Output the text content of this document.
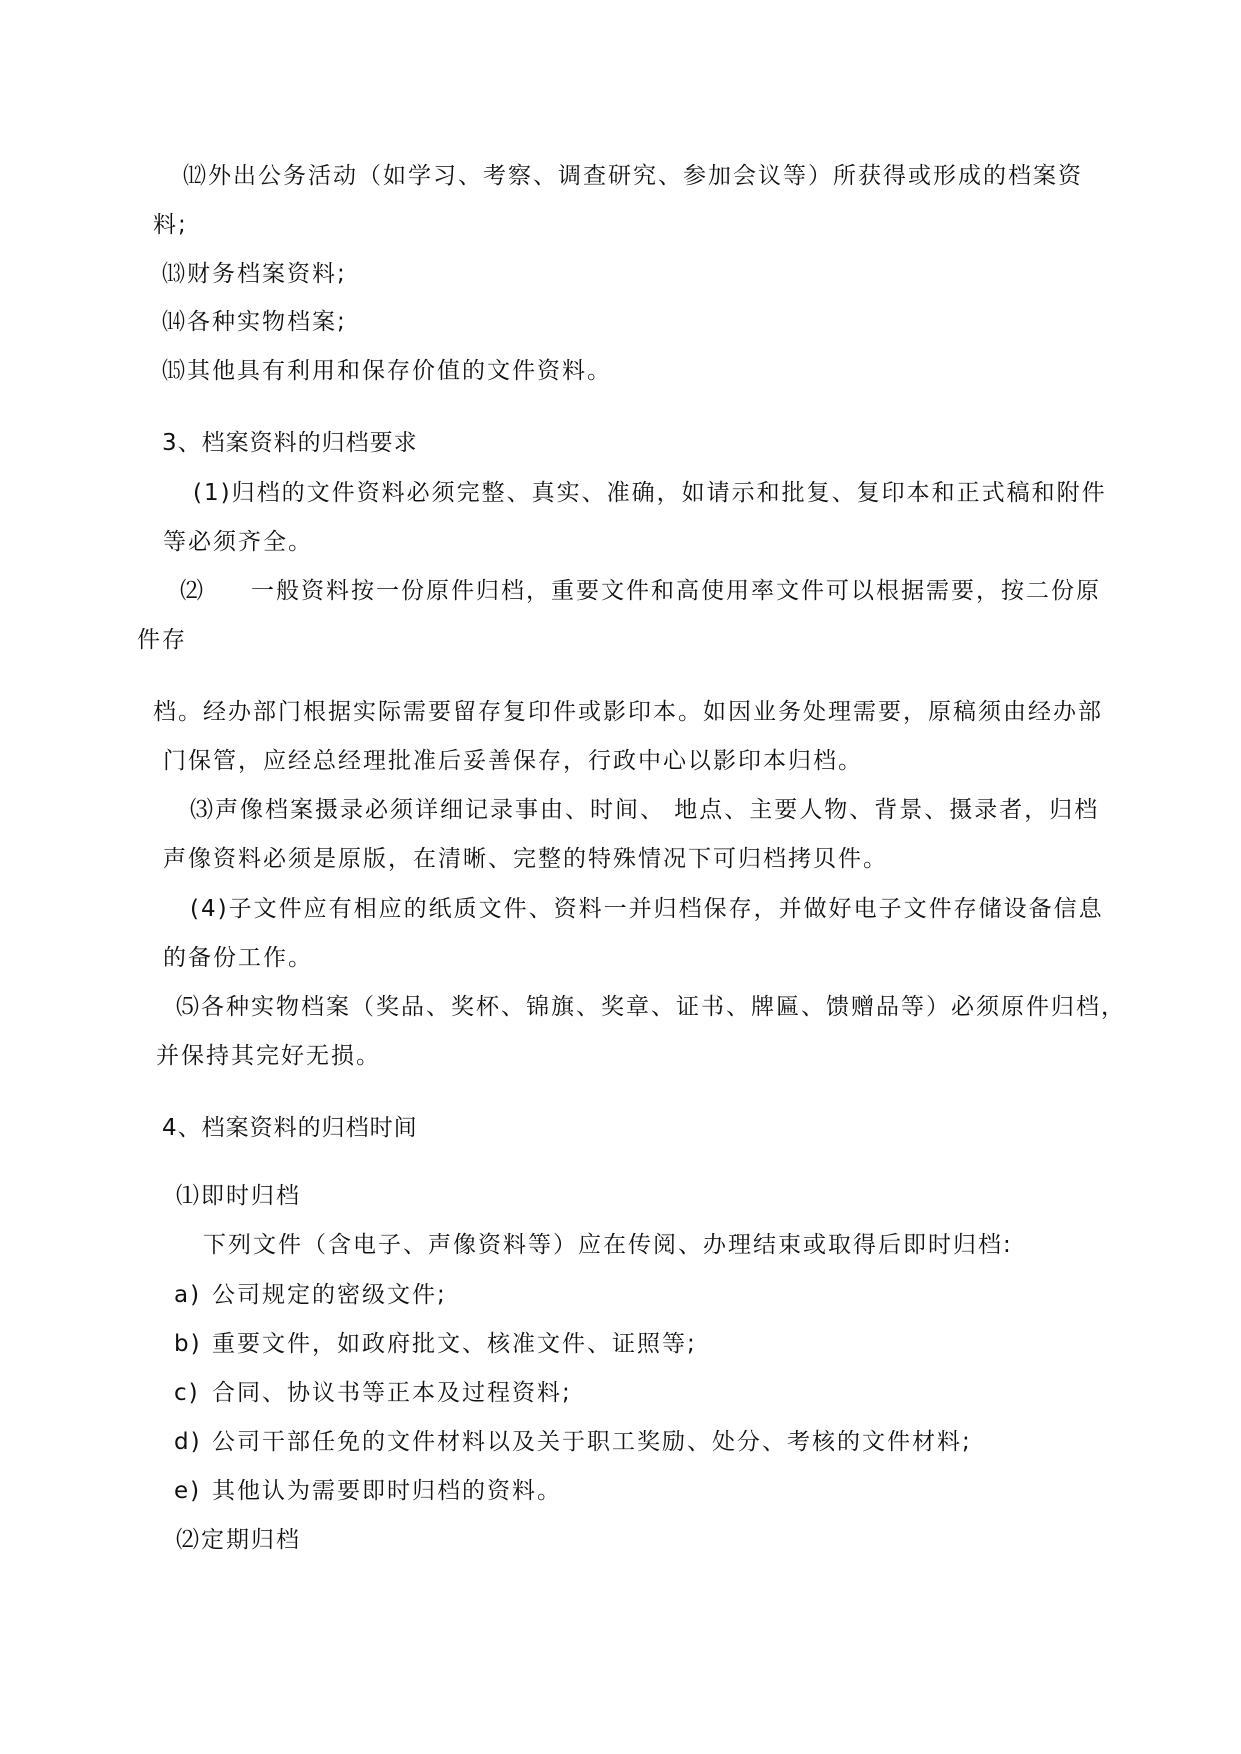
⑿外出公务活动（如学习、考察、调查研究、参加会议等）所获得或形成的档案资
料;
⒀财务档案资料;
⒁各种实物档案;
⒂其他具有利用和保存价值的文件资料。
3、档案资料的归档要求
(1)归档的文件资料必须完整、真实、准确，如请示和批复、复印本和正式稿和附件
等必须齐全。
⑵ 一般资料按一份原件归档，重要文件和高使用率文件可以根据需要，按二份原
件存
档。经办部门根据实际需要留存复印件或影印本。如因业务处理需要，原稿须由经办部
门保管，应经总经理批准后妥善保存，行政中心以影印本归档。
⑶声像档案摄录必须详细记录事由、时间、 地点、主要人物、背景、摄录者，归档
声像资料必须是原版，在清晰、完整的特殊情况下可归档拷贝件。
(4)子文件应有相应的纸质文件、资料一并归档保存，并做好电子文件存储设备信息
的备份工作。
⑸各种实物档案（奖品、奖杯、锦旗、奖章、证书、牌匾、馈赠品等）必须原件归档，
并保持其完好无损。
4、档案资料的归档时间
⑴即时归档
下列文件（含电子、声像资料等）应在传阅、办理结束或取得后即时归档:
a) 公司规定的密级文件;
b) 重要文件，如政府批文、核准文件、证照等;
c) 合同、协议书等正本及过程资料;
d) 公司干部任免的文件材料以及关于职工奖励、处分、考核的文件材料;
e) 其他认为需要即时归档的资料。
⑵定期归档
